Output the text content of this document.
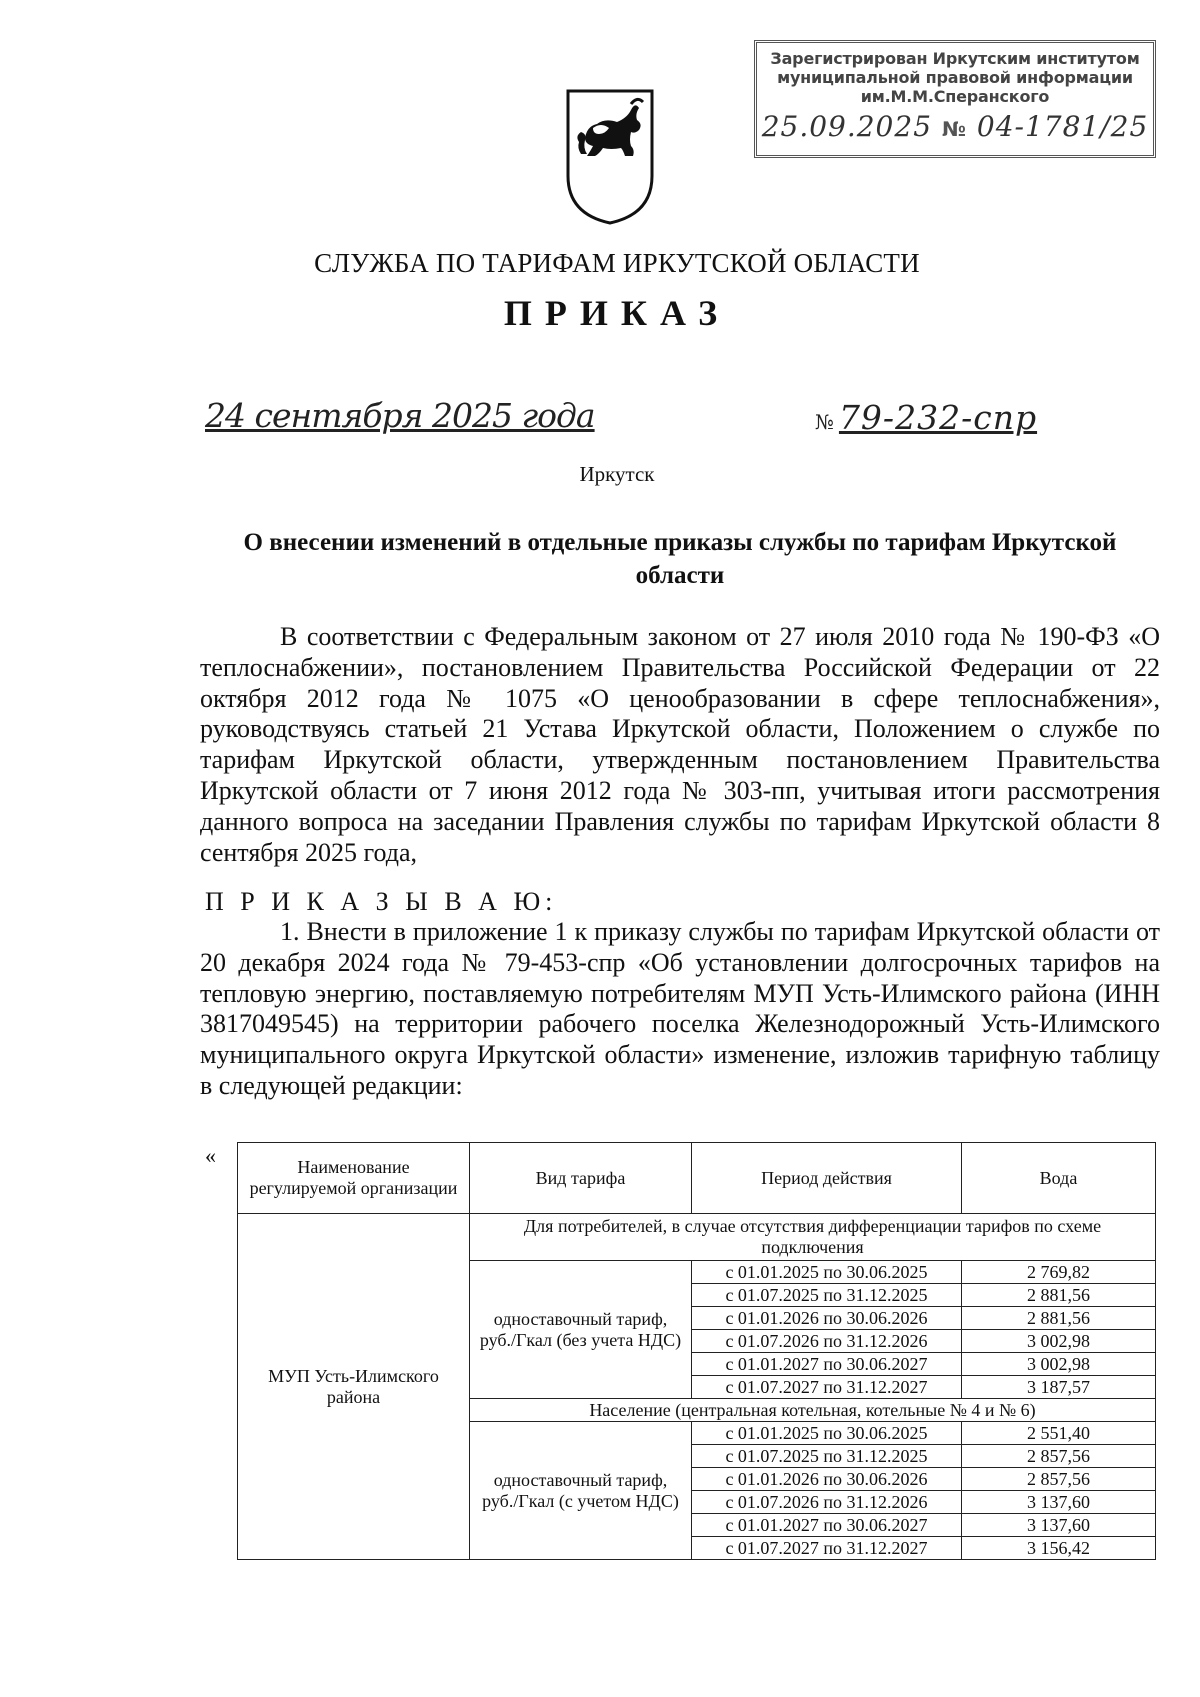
Зарегистрирован Иркутским институтом
муниципальной правовой информации
им.М.М.Сперанского
25.09.2025 № 04-1781/25
СЛУЖБА ПО ТАРИФАМ ИРКУТСКОЙ ОБЛАСТИ
ПРИКАЗ
24 сентября 2025 года	№ 79-232-спр
Иркутск
О внесении изменений в отдельные приказы службы по тарифам Иркутской области
В соответствии с Федеральным законом от 27 июля 2010 года № 190-ФЗ «О теплоснабжении», постановлением Правительства Российской Федерации от 22 октября 2012 года № 1075 «О ценообразовании в сфере теплоснабжения», руководствуясь статьей 21 Устава Иркутской области, Положением о службе по тарифам Иркутской области, утвержденным постановлением Правительства Иркутской области от 7 июня 2012 года № 303-пп, учитывая итоги рассмотрения данного вопроса на заседании Правления службы по тарифам Иркутской области 8 сентября 2025 года,
П Р И К А З Ы В А Ю:
1. Внести в приложение 1 к приказу службы по тарифам Иркутской области от 20 декабря 2024 года № 79-453-спр «Об установлении долгосрочных тарифов на тепловую энергию, поставляемую потребителям МУП Усть-Илимского района (ИНН 3817049545) на территории рабочего поселка Железнодорожный Усть-Илимского муниципального округа Иркутской области» изменение, изложив тарифную таблицу в следующей редакции:
«	Наименование регулируемой организации	Вид тарифа	Период действия	Вода
МУП Усть-Илимского района	Для потребителей, в случае отсутствия дифференциации тарифов по схеме подключения		
	одноставочный тариф, руб./Гкал (без учета НДС)	с 01.01.2025 по 30.06.2025	2 769,82
		с 01.07.2025 по 31.12.2025	2 881,56
		с 01.01.2026 по 30.06.2026	2 881,56
		с 01.07.2026 по 31.12.2026	3 002,98
		с 01.01.2027 по 30.06.2027	3 002,98
		с 01.07.2027 по 31.12.2027	3 187,57
	Население (центральная котельная, котельные № 4 и № 6)		
	одноставочный тариф, руб./Гкал (с учетом НДС)	с 01.01.2025 по 30.06.2025	2 551,40
		с 01.07.2025 по 31.12.2025	2 857,56
		с 01.01.2026 по 30.06.2026	2 857,56
		с 01.07.2026 по 31.12.2026	3 137,60
		с 01.01.2027 по 30.06.2027	3 137,60
		с 01.07.2027 по 31.12.2027	3 156,42
